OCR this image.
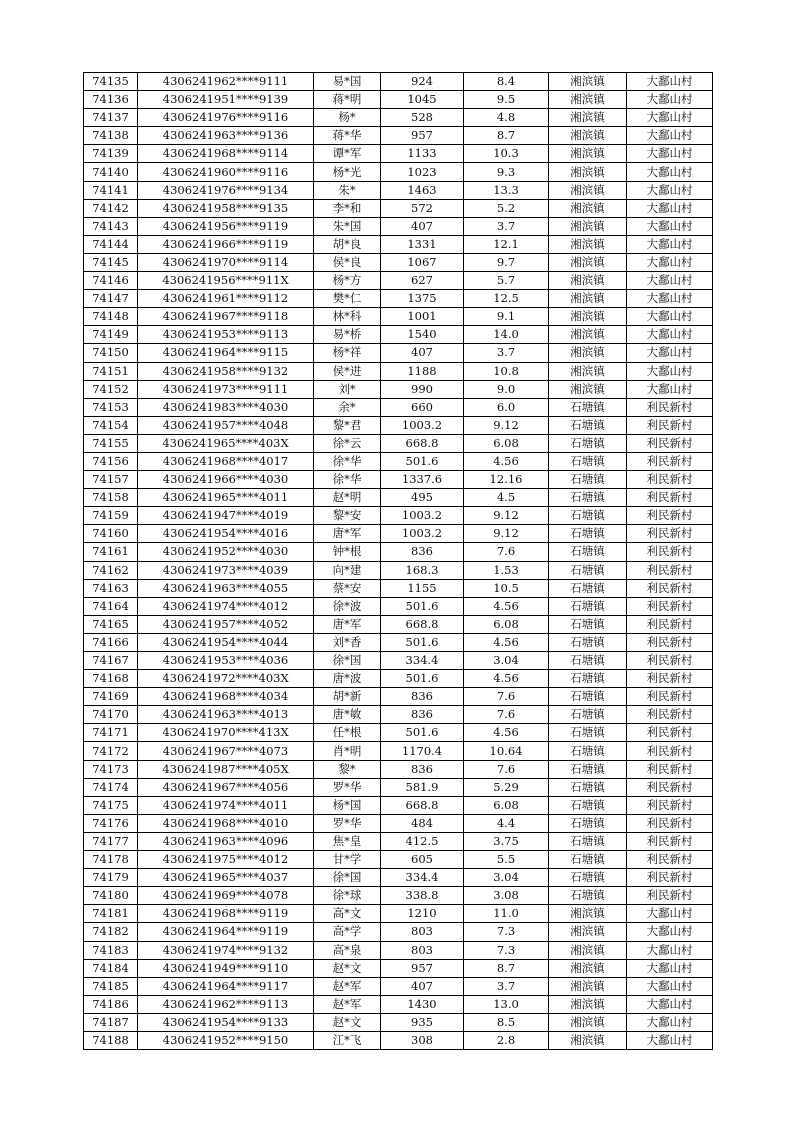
74135	4306241962****9111	易*国	924	8.4	湘滨镇	大鄱山村
74136	4306241951****9139	蒋*明	1045	9.5	湘滨镇	大鄱山村
74137	4306241976****9116	杨*	528	4.8	湘滨镇	大鄱山村
74138	4306241963****9136	蒋*华	957	8.7	湘滨镇	大鄱山村
74139	4306241968****9114	谭*军	1133	10.3	湘滨镇	大鄱山村
74140	4306241960****9116	杨*光	1023	9.3	湘滨镇	大鄱山村
74141	4306241976****9134	朱*	1463	13.3	湘滨镇	大鄱山村
74142	4306241958****9135	李*和	572	5.2	湘滨镇	大鄱山村
74143	4306241956****9119	朱*国	407	3.7	湘滨镇	大鄱山村
74144	4306241966****9119	胡*良	1331	12.1	湘滨镇	大鄱山村
74145	4306241970****9114	侯*良	1067	9.7	湘滨镇	大鄱山村
74146	4306241956****911X	杨*方	627	5.7	湘滨镇	大鄱山村
74147	4306241961****9112	樊*仁	1375	12.5	湘滨镇	大鄱山村
74148	4306241967****9118	林*科	1001	9.1	湘滨镇	大鄱山村
74149	4306241953****9113	易*桥	1540	14.0	湘滨镇	大鄱山村
74150	4306241964****9115	杨*祥	407	3.7	湘滨镇	大鄱山村
74151	4306241958****9132	侯*进	1188	10.8	湘滨镇	大鄱山村
74152	4306241973****9111	刘*	990	9.0	湘滨镇	大鄱山村
74153	4306241983****4030	余*	660	6.0	石塘镇	利民新村
74154	4306241957****4048	黎*君	1003.2	9.12	石塘镇	利民新村
74155	4306241965****403X	徐*云	668.8	6.08	石塘镇	利民新村
74156	4306241968****4017	徐*华	501.6	4.56	石塘镇	利民新村
74157	4306241966****4030	徐*华	1337.6	12.16	石塘镇	利民新村
74158	4306241965****4011	赵*明	495	4.5	石塘镇	利民新村
74159	4306241947****4019	黎*安	1003.2	9.12	石塘镇	利民新村
74160	4306241954****4016	唐*军	1003.2	9.12	石塘镇	利民新村
74161	4306241952****4030	钟*根	836	7.6	石塘镇	利民新村
74162	4306241973****4039	向*建	168.3	1.53	石塘镇	利民新村
74163	4306241963****4055	蔡*安	1155	10.5	石塘镇	利民新村
74164	4306241974****4012	徐*波	501.6	4.56	石塘镇	利民新村
74165	4306241957****4052	唐*军	668.8	6.08	石塘镇	利民新村
74166	4306241954****4044	刘*香	501.6	4.56	石塘镇	利民新村
74167	4306241953****4036	徐*国	334.4	3.04	石塘镇	利民新村
74168	4306241972****403X	唐*波	501.6	4.56	石塘镇	利民新村
74169	4306241968****4034	胡*新	836	7.6	石塘镇	利民新村
74170	4306241963****4013	唐*敏	836	7.6	石塘镇	利民新村
74171	4306241970****413X	任*根	501.6	4.56	石塘镇	利民新村
74172	4306241967****4073	肖*明	1170.4	10.64	石塘镇	利民新村
74173	4306241987****405X	黎*	836	7.6	石塘镇	利民新村
74174	4306241967****4056	罗*华	581.9	5.29	石塘镇	利民新村
74175	4306241974****4011	杨*国	668.8	6.08	石塘镇	利民新村
74176	4306241968****4010	罗*华	484	4.4	石塘镇	利民新村
74177	4306241963****4096	焦*皇	412.5	3.75	石塘镇	利民新村
74178	4306241975****4012	甘*学	605	5.5	石塘镇	利民新村
74179	4306241965****4037	徐*国	334.4	3.04	石塘镇	利民新村
74180	4306241969****4078	徐*球	338.8	3.08	石塘镇	利民新村
74181	4306241968****9119	高*文	1210	11.0	湘滨镇	大鄱山村
74182	4306241964****9119	高*学	803	7.3	湘滨镇	大鄱山村
74183	4306241974****9132	高*泉	803	7.3	湘滨镇	大鄱山村
74184	4306241949****9110	赵*文	957	8.7	湘滨镇	大鄱山村
74185	4306241964****9117	赵*军	407	3.7	湘滨镇	大鄱山村
74186	4306241962****9113	赵*军	1430	13.0	湘滨镇	大鄱山村
74187	4306241954****9133	赵*文	935	8.5	湘滨镇	大鄱山村
74188	4306241952****9150	江*飞	308	2.8	湘滨镇	大鄱山村
